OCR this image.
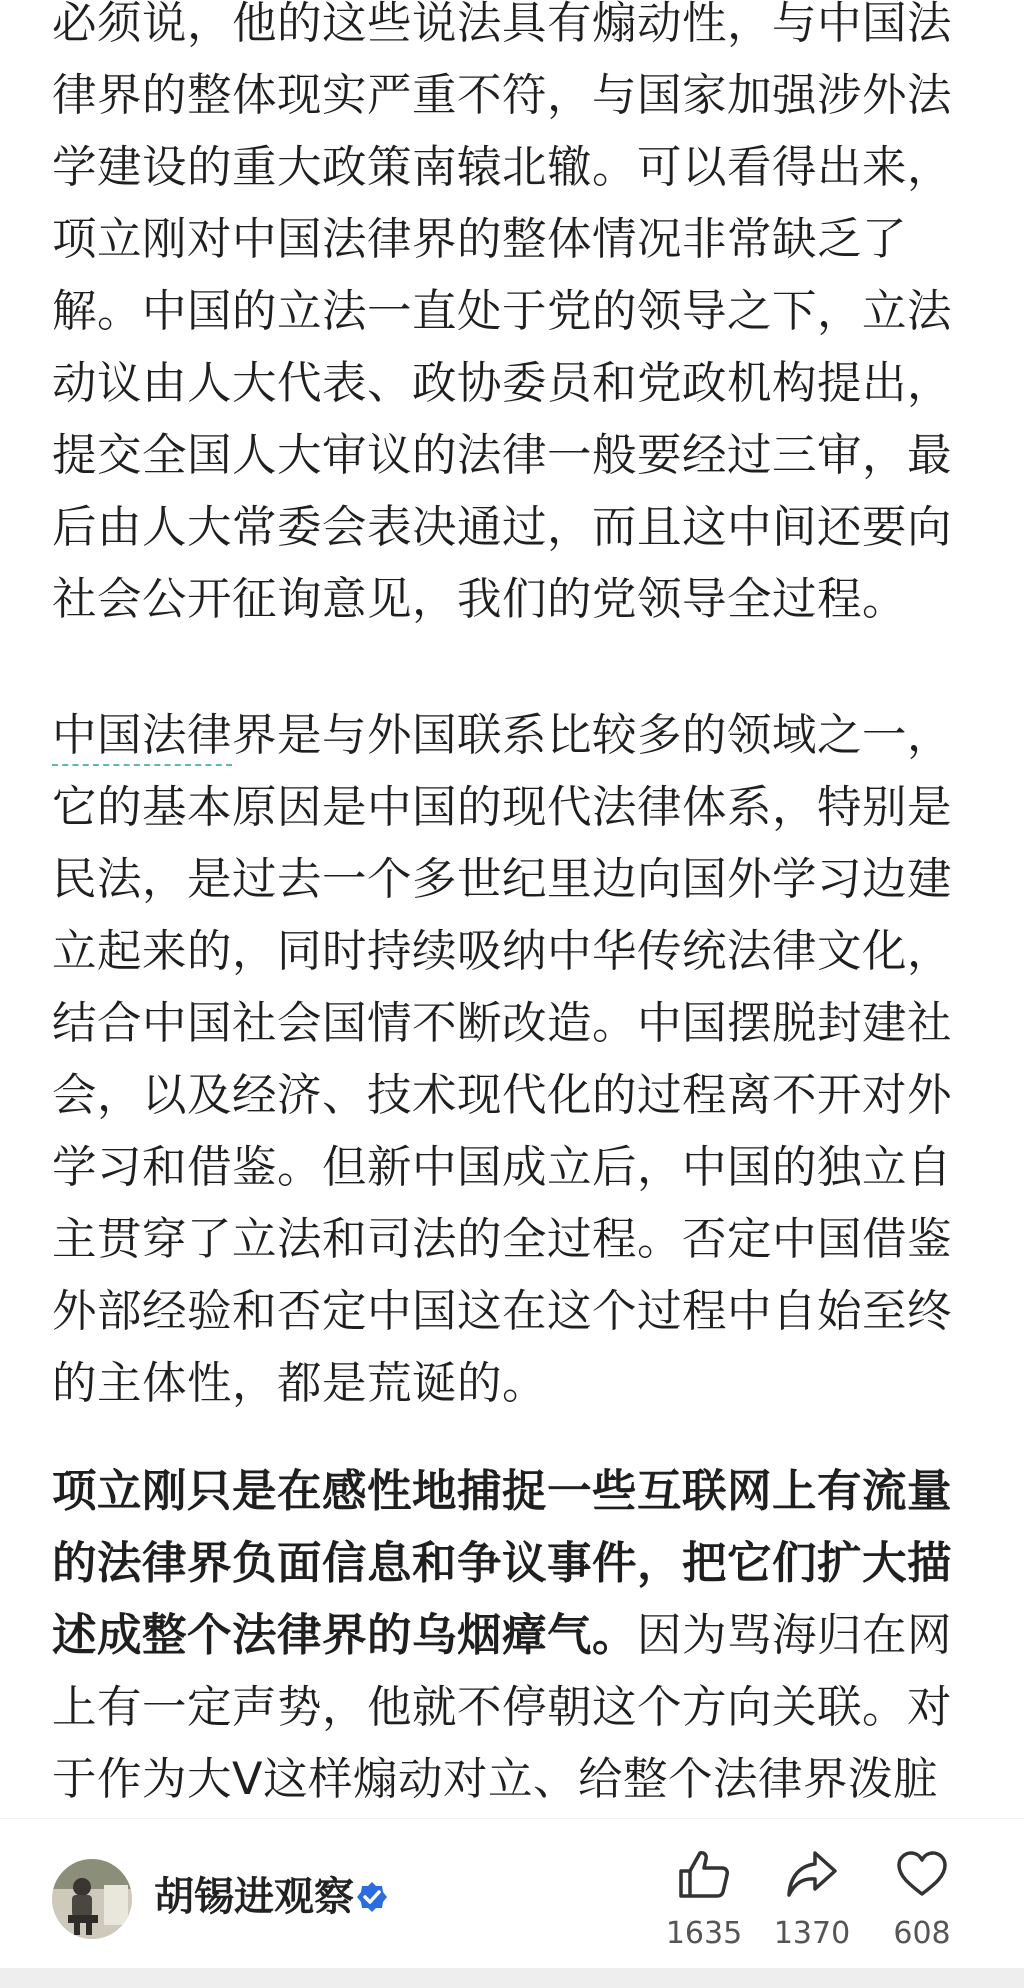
必须说，他的这些说法具有煽动性，与中国法律界的整体现实严重不符，与国家加强涉外法学建设的重大政策南辕北辙。可以看得出来，项立刚对中国法律界的整体情况非常缺乏了解。中国的立法一直处于党的领导之下，立法动议由人大代表、政协委员和党政机构提出，提交全国人大审议的法律一般要经过三审，最后由人大常委会表决通过，而且这中间还要向社会公开征询意见，我们的党领导全过程。

中国法律界是与外国联系比较多的领域之一，它的基本原因是中国的现代法律体系，特别是民法，是过去一个多世纪里边向国外学习边建立起来的，同时持续吸纳中华传统法律文化，结合中国社会国情不断改造。中国摆脱封建社会，以及经济、技术现代化的过程离不开对外学习和借鉴。但新中国成立后，中国的独立自主贯穿了立法和司法的全过程。否定中国借鉴外部经验和否定中国这在这个过程中自始至终的主体性，都是荒诞的。

项立刚只是在感性地捕捉一些互联网上有流量的法律界负面信息和争议事件，把它们扩大描述成整个法律界的乌烟瘴气。因为骂海归在网上有一定声势，他就不停朝这个方向关联。对于作为大V这样煽动对立、给整个法律界泼脏

胡锡进观察
1635	1370	608
